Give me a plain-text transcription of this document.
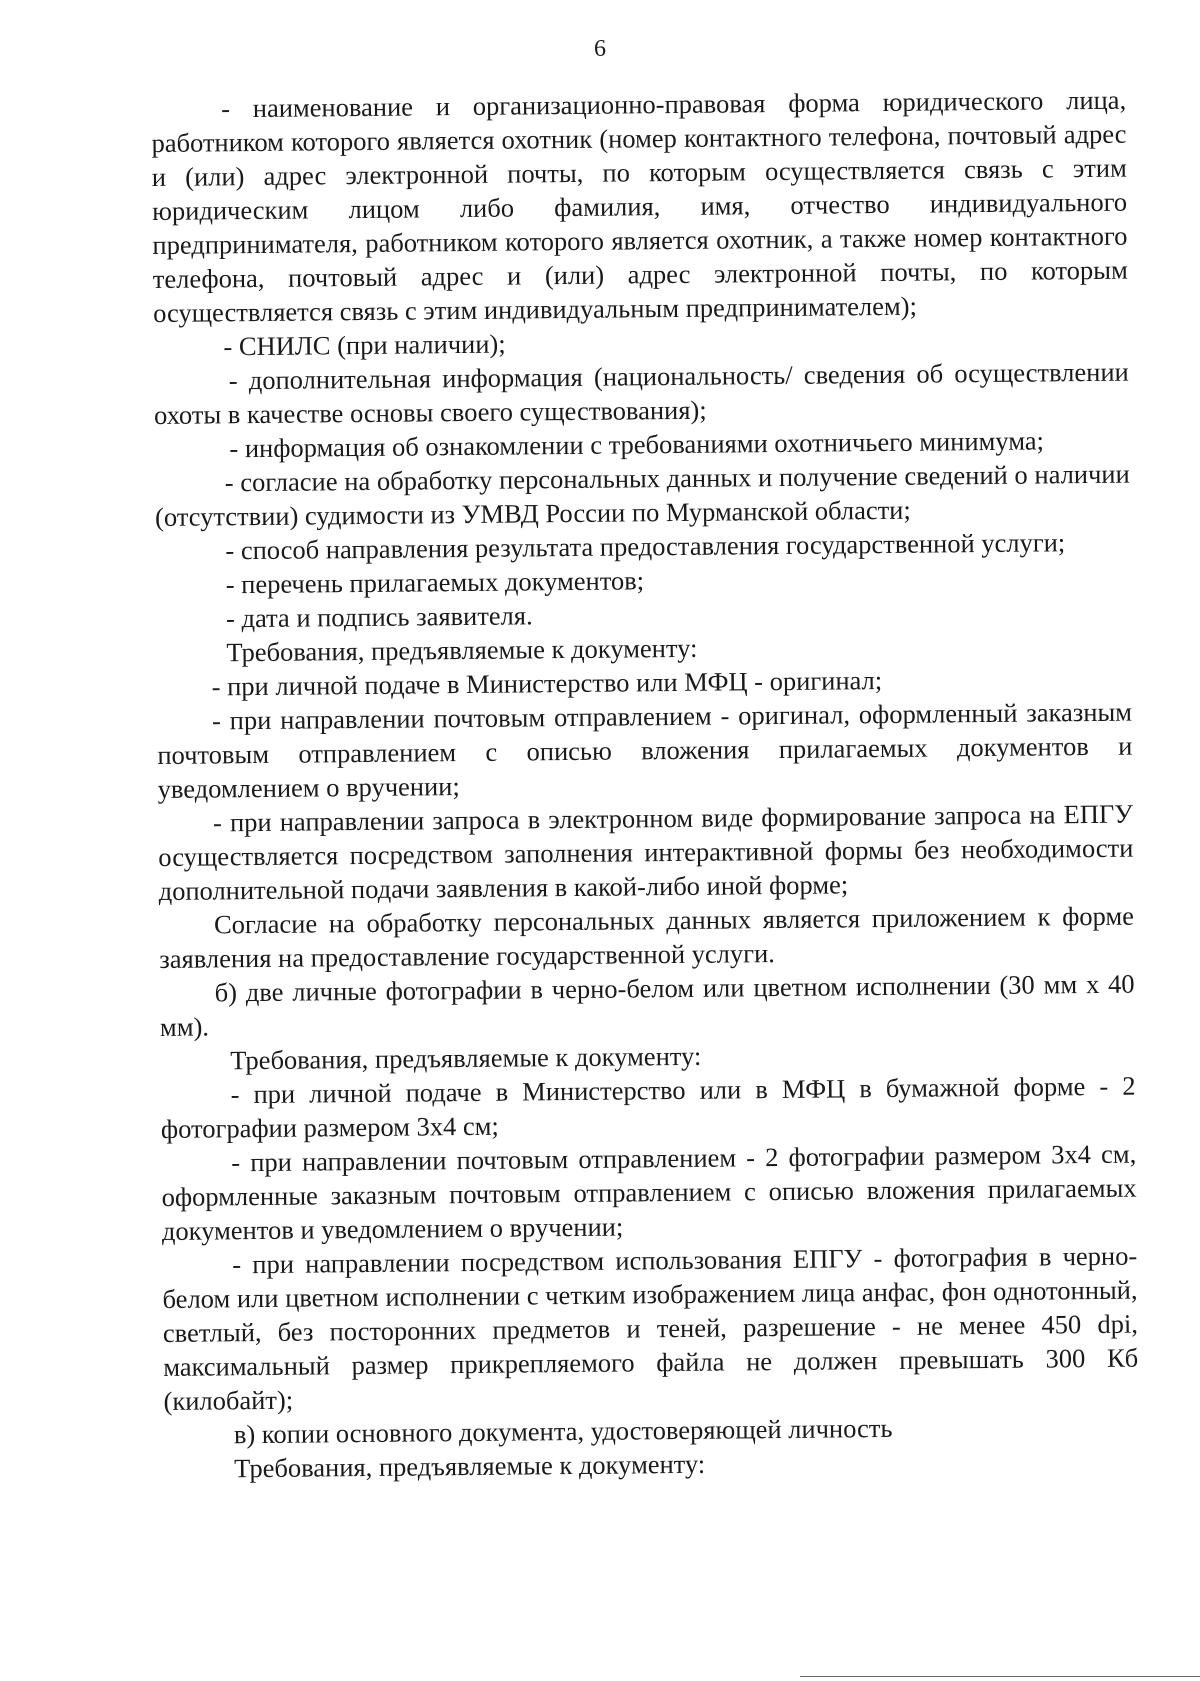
6

- наименование и организационно-правовая форма юридического лица, работником которого является охотник (номер контактного телефона, почтовый адрес и (или) адрес электронной почты, по которым осуществляется связь с этим юридическим лицом либо фамилия, имя, отчество индивидуального предпринимателя, работником которого является охотник, а также номер контактного телефона, почтовый адрес и (или) адрес электронной почты, по которым осуществляется связь с этим индивидуальным предпринимателем);

- СНИЛС (при наличии);

- дополнительная информация (национальность/ сведения об осуществлении охоты в качестве основы своего существования);

- информация об ознакомлении с требованиями охотничьего минимума;

- согласие на обработку персональных данных и получение сведений о наличии (отсутствии) судимости из УМВД России по Мурманской области;

- способ направления результата предоставления государственной услуги;

- перечень прилагаемых документов;

- дата и подпись заявителя.

Требования, предъявляемые к документу:

- при личной подаче в Министерство или МФЦ - оригинал;

- при направлении почтовым отправлением - оригинал, оформленный заказным почтовым отправлением с описью вложения прилагаемых документов и уведомлением о вручении;

- при направлении запроса в электронном виде формирование запроса на ЕПГУ осуществляется посредством заполнения интерактивной формы без необходимости дополнительной подачи заявления в какой-либо иной форме;

Согласие на обработку персональных данных является приложением к форме заявления на предоставление государственной услуги.

б) две личные фотографии в черно-белом или цветном исполнении (30 мм х 40 мм).

Требования, предъявляемые к документу:

- при личной подаче в Министерство или в МФЦ в бумажной форме - 2 фотографии размером 3х4 см;

- при направлении почтовым отправлением - 2 фотографии размером 3х4 см, оформленные заказным почтовым отправлением с описью вложения прилагаемых документов и уведомлением о вручении;

- при направлении посредством использования ЕПГУ - фотография в черно-белом или цветном исполнении с четким изображением лица анфас, фон однотонный, светлый, без посторонних предметов и теней, разрешение - не менее 450 dpi, максимальный размер прикрепляемого файла не должен превышать 300 Кб (килобайт);

в) копии основного документа, удостоверяющей личность

Требования, предъявляемые к документу:
